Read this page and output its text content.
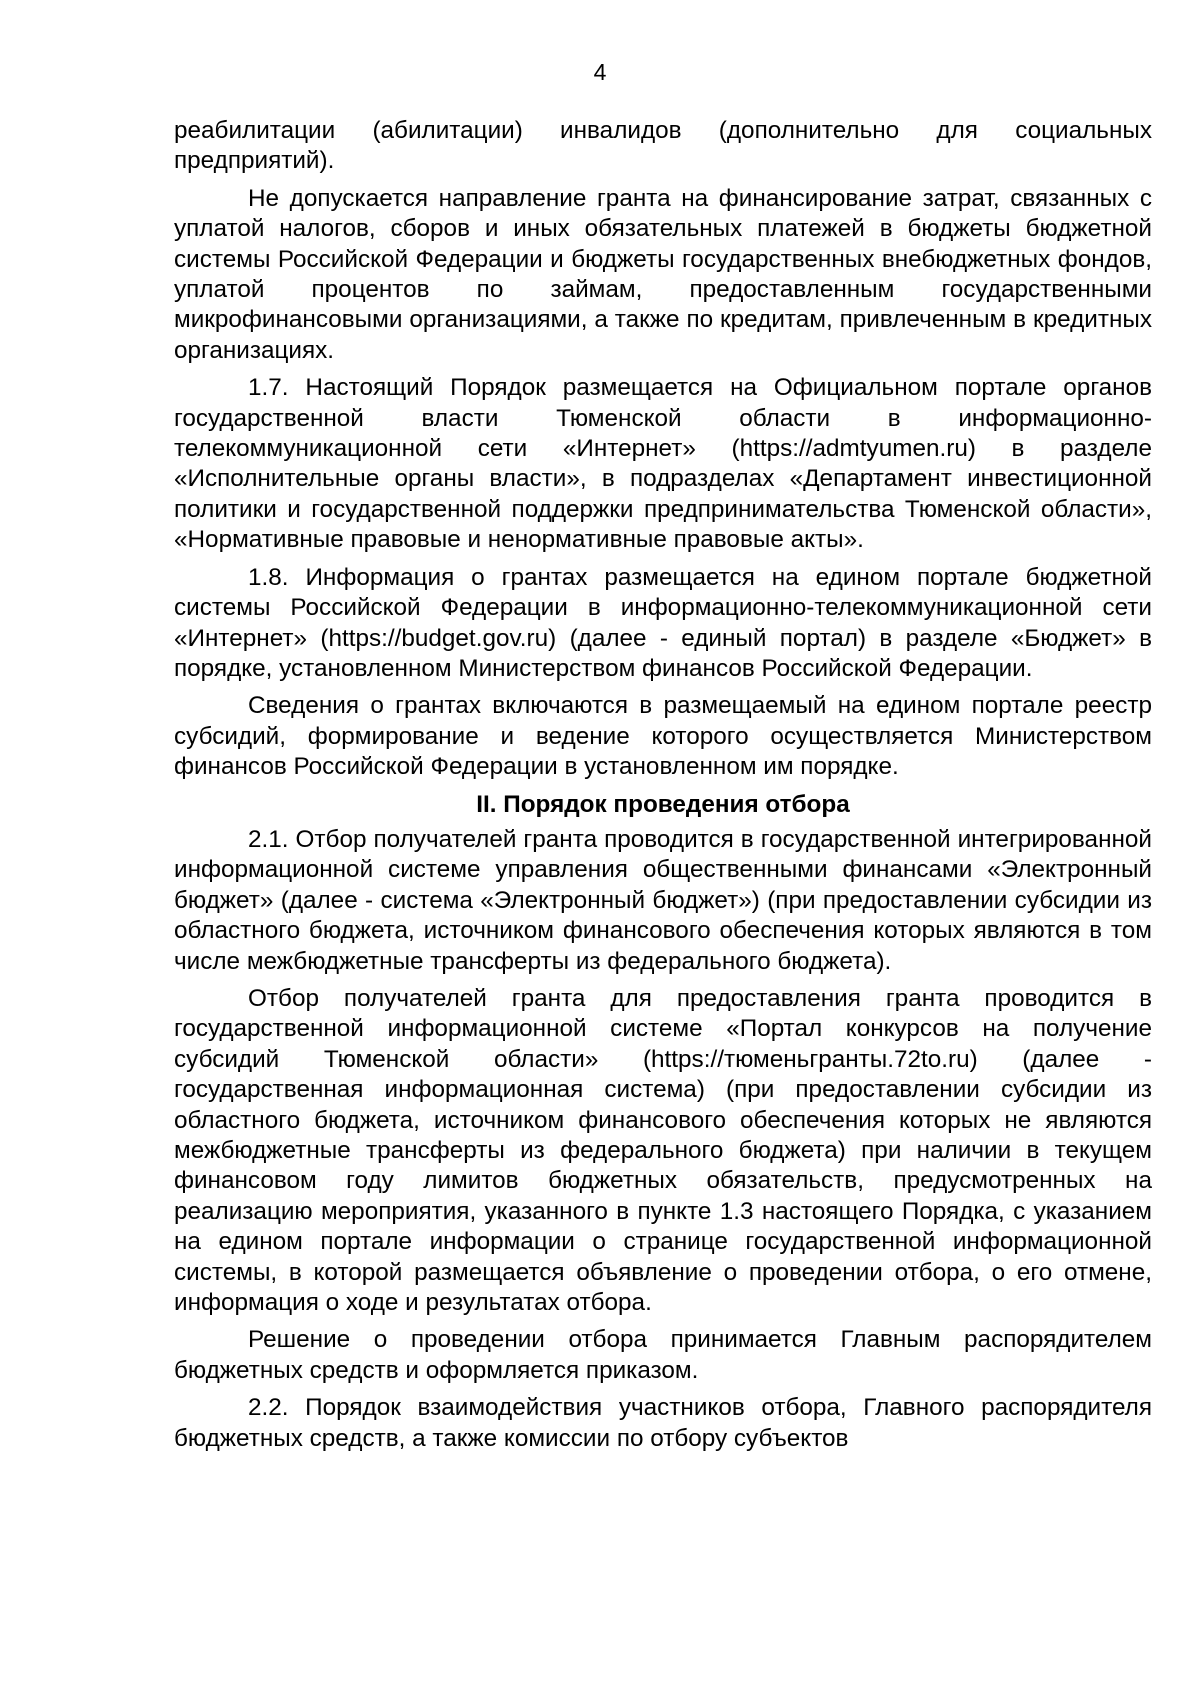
4

реабилитации (абилитации) инвалидов (дополнительно для социальных предприятий).

Не допускается направление гранта на финансирование затрат, связанных с уплатой налогов, сборов и иных обязательных платежей в бюджеты бюджетной системы Российской Федерации и бюджеты государственных внебюджетных фондов, уплатой процентов по займам, предоставленным государственными микрофинансовыми организациями, а также по кредитам, привлеченным в кредитных организациях.

1.7. Настоящий Порядок размещается на Официальном портале органов государственной власти Тюменской области в информационно-телекоммуникационной сети «Интернет» (https://admtyumen.ru) в разделе «Исполнительные органы власти», в подразделах «Департамент инвестиционной политики и государственной поддержки предпринимательства Тюменской области», «Нормативные правовые и ненормативные правовые акты».

1.8. Информация о грантах размещается на едином портале бюджетной системы Российской Федерации в информационно-телекоммуникационной сети «Интернет» (https://budget.gov.ru) (далее - единый портал) в разделе «Бюджет» в порядке, установленном Министерством финансов Российской Федерации.

Сведения о грантах включаются в размещаемый на едином портале реестр субсидий, формирование и ведение которого осуществляется Министерством финансов Российской Федерации в установленном им порядке.

II. Порядок проведения отбора

2.1. Отбор получателей гранта проводится в государственной интегрированной информационной системе управления общественными финансами «Электронный бюджет» (далее - система «Электронный бюджет») (при предоставлении субсидии из областного бюджета, источником финансового обеспечения которых являются в том числе межбюджетные трансферты из федерального бюджета).

Отбор получателей гранта для предоставления гранта проводится в государственной информационной системе «Портал конкурсов на получение субсидий Тюменской области» (https://тюменьгранты.72to.ru) (далее - государственная информационная система) (при предоставлении субсидии из областного бюджета, источником финансового обеспечения которых не являются межбюджетные трансферты из федерального бюджета) при наличии в текущем финансовом году лимитов бюджетных обязательств, предусмотренных на реализацию мероприятия, указанного в пункте 1.3 настоящего Порядка, с указанием на едином портале информации о странице государственной информационной системы, в которой размещается объявление о проведении отбора, о его отмене, информация о ходе и результатах отбора.

Решение о проведении отбора принимается Главным распорядителем бюджетных средств и оформляется приказом.

2.2. Порядок взаимодействия участников отбора, Главного распорядителя бюджетных средств, а также комиссии по отбору субъектов
